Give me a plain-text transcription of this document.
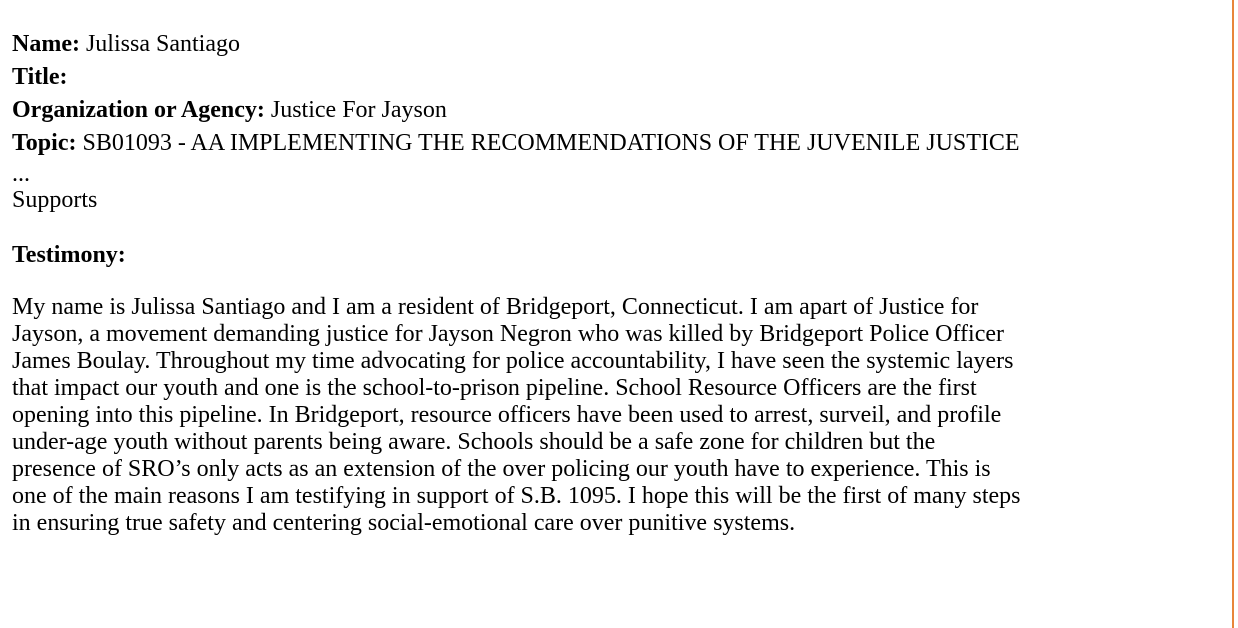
Name: Julissa Santiago
Title:
Organization or Agency: Justice For Jayson
Topic: SB01093 - AA IMPLEMENTING THE RECOMMENDATIONS OF THE JUVENILE JUSTICE
...
Supports
Testimony:
My name is Julissa Santiago and I am a resident of Bridgeport, Connecticut. I am apart of Justice for
Jayson, a movement demanding justice for Jayson Negron who was killed by Bridgeport Police Officer
James Boulay. Throughout my time advocating for police accountability, I have seen the systemic layers
that impact our youth and one is the school-to-prison pipeline. School Resource Officers are the first
opening into this pipeline. In Bridgeport, resource officers have been used to arrest, surveil, and profile
under-age youth without parents being aware. Schools should be a safe zone for children but the
presence of SRO’s only acts as an extension of the over policing our youth have to experience. This is
one of the main reasons I am testifying in support of S.B. 1095. I hope this will be the first of many steps
in ensuring true safety and centering social-emotional care over punitive systems.
